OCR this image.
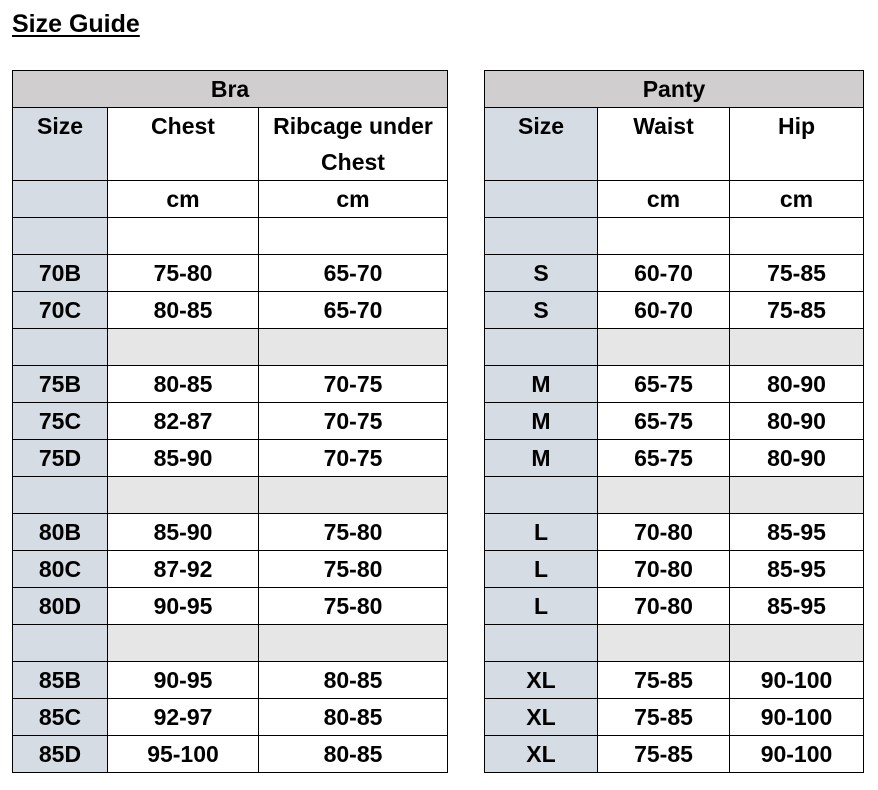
Size Guide
Bra		
Size	Chest	Ribcage under Chest
	cm	cm

70B	75-80	65-70
70C	80-85	65-70

75B	80-85	70-75
75C	82-87	70-75
75D	85-90	70-75

80B	85-90	75-80
80C	87-92	75-80
80D	90-95	75-80

85B	90-95	80-85
85C	92-97	80-85
85D	95-100	80-85
Panty		
Size	Waist	Hip
	cm	cm

S	60-70	75-85
S	60-70	75-85

M	65-75	80-90
M	65-75	80-90
M	65-75	80-90

L	70-80	85-95
L	70-80	85-95
L	70-80	85-95

XL	75-85	90-100
XL	75-85	90-100
XL	75-85	90-100
